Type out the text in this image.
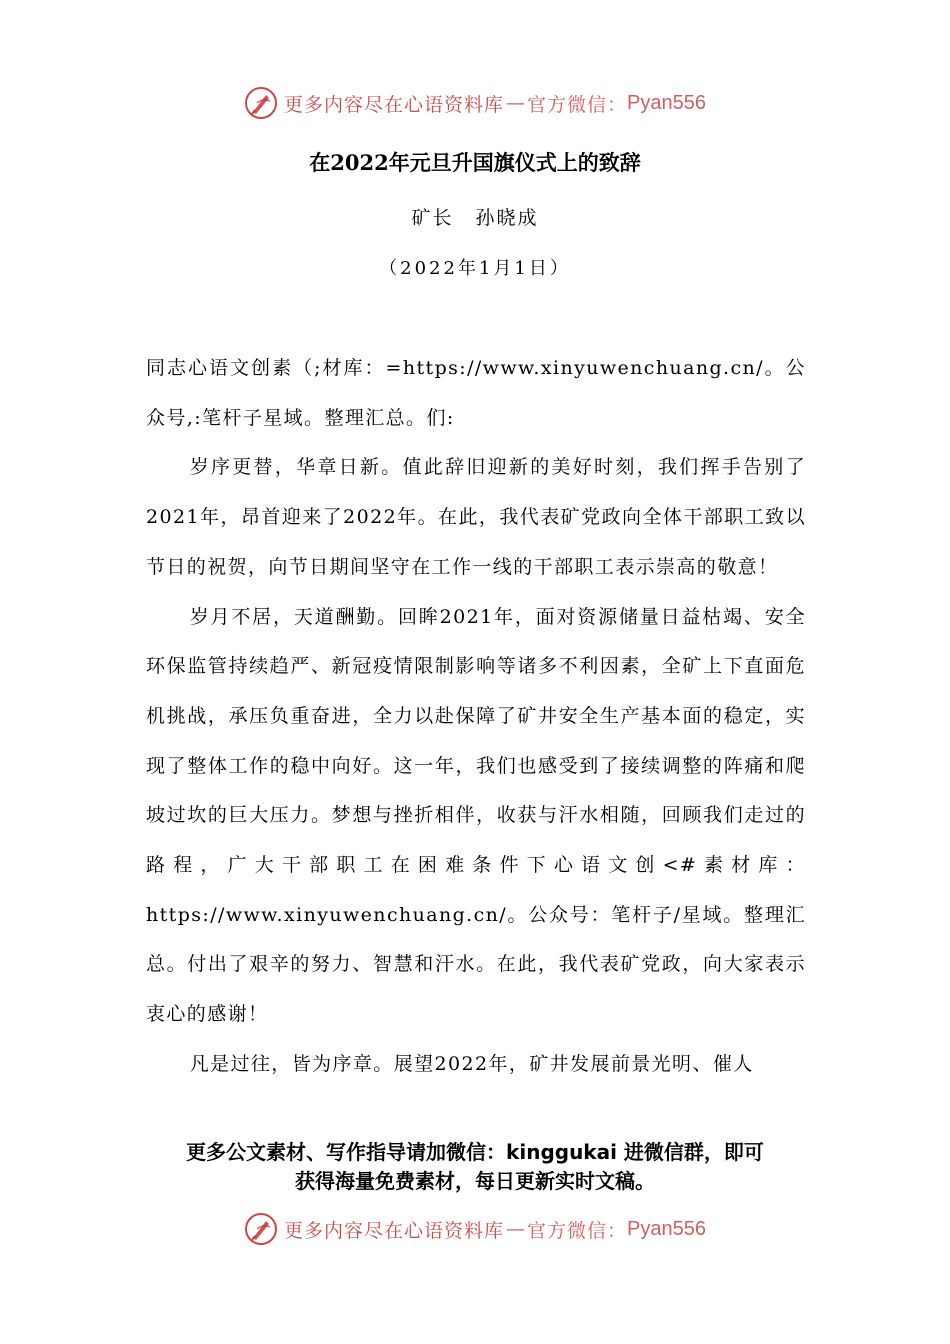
更多内容尽在心语资料库 — 官方微信： Pyan556
在2022年元旦升国旗仪式上的致辞
矿长 孙晓成
（2022年1月1日）

同志心语文创素（;材库：=https://www.xinyuwenchuang.cn/。公众号,:笔杆子星域。整理汇总。们:

岁序更替，华章日新。值此辞旧迎新的美好时刻，我们挥手告别了2021年，昂首迎来了2022年。在此，我代表矿党政向全体干部职工致以节日的祝贺，向节日期间坚守在工作一线的干部职工表示崇高的敬意！

岁月不居，天道酬勤。回眸2021年，面对资源储量日益枯竭、安全环保监管持续趋严、新冠疫情限制影响等诸多不利因素，全矿上下直面危机挑战，承压负重奋进，全力以赴保障了矿井安全生产基本面的稳定，实现了整体工作的稳中向好。这一年，我们也感受到了接续调整的阵痛和爬坡过坎的巨大压力。梦想与挫折相伴，收获与汗水相随，回顾我们走过的路程，广大干部职工在困难条件下心语文创<#素材库：https://www.xinyuwenchuang.cn/。公众号：笔杆子/星域。整理汇总。付出了艰辛的努力、智慧和汗水。在此，我代表矿党政，向大家表示衷心的感谢！

凡是过往，皆为序章。展望2022年，矿井发展前景光明、催人

更多公文素材、写作指导请加微信：kinggukai 进微信群，即可
获得海量免费素材，每日更新实时文稿。
更多内容尽在心语资料库 — 官方微信： Pyan556
